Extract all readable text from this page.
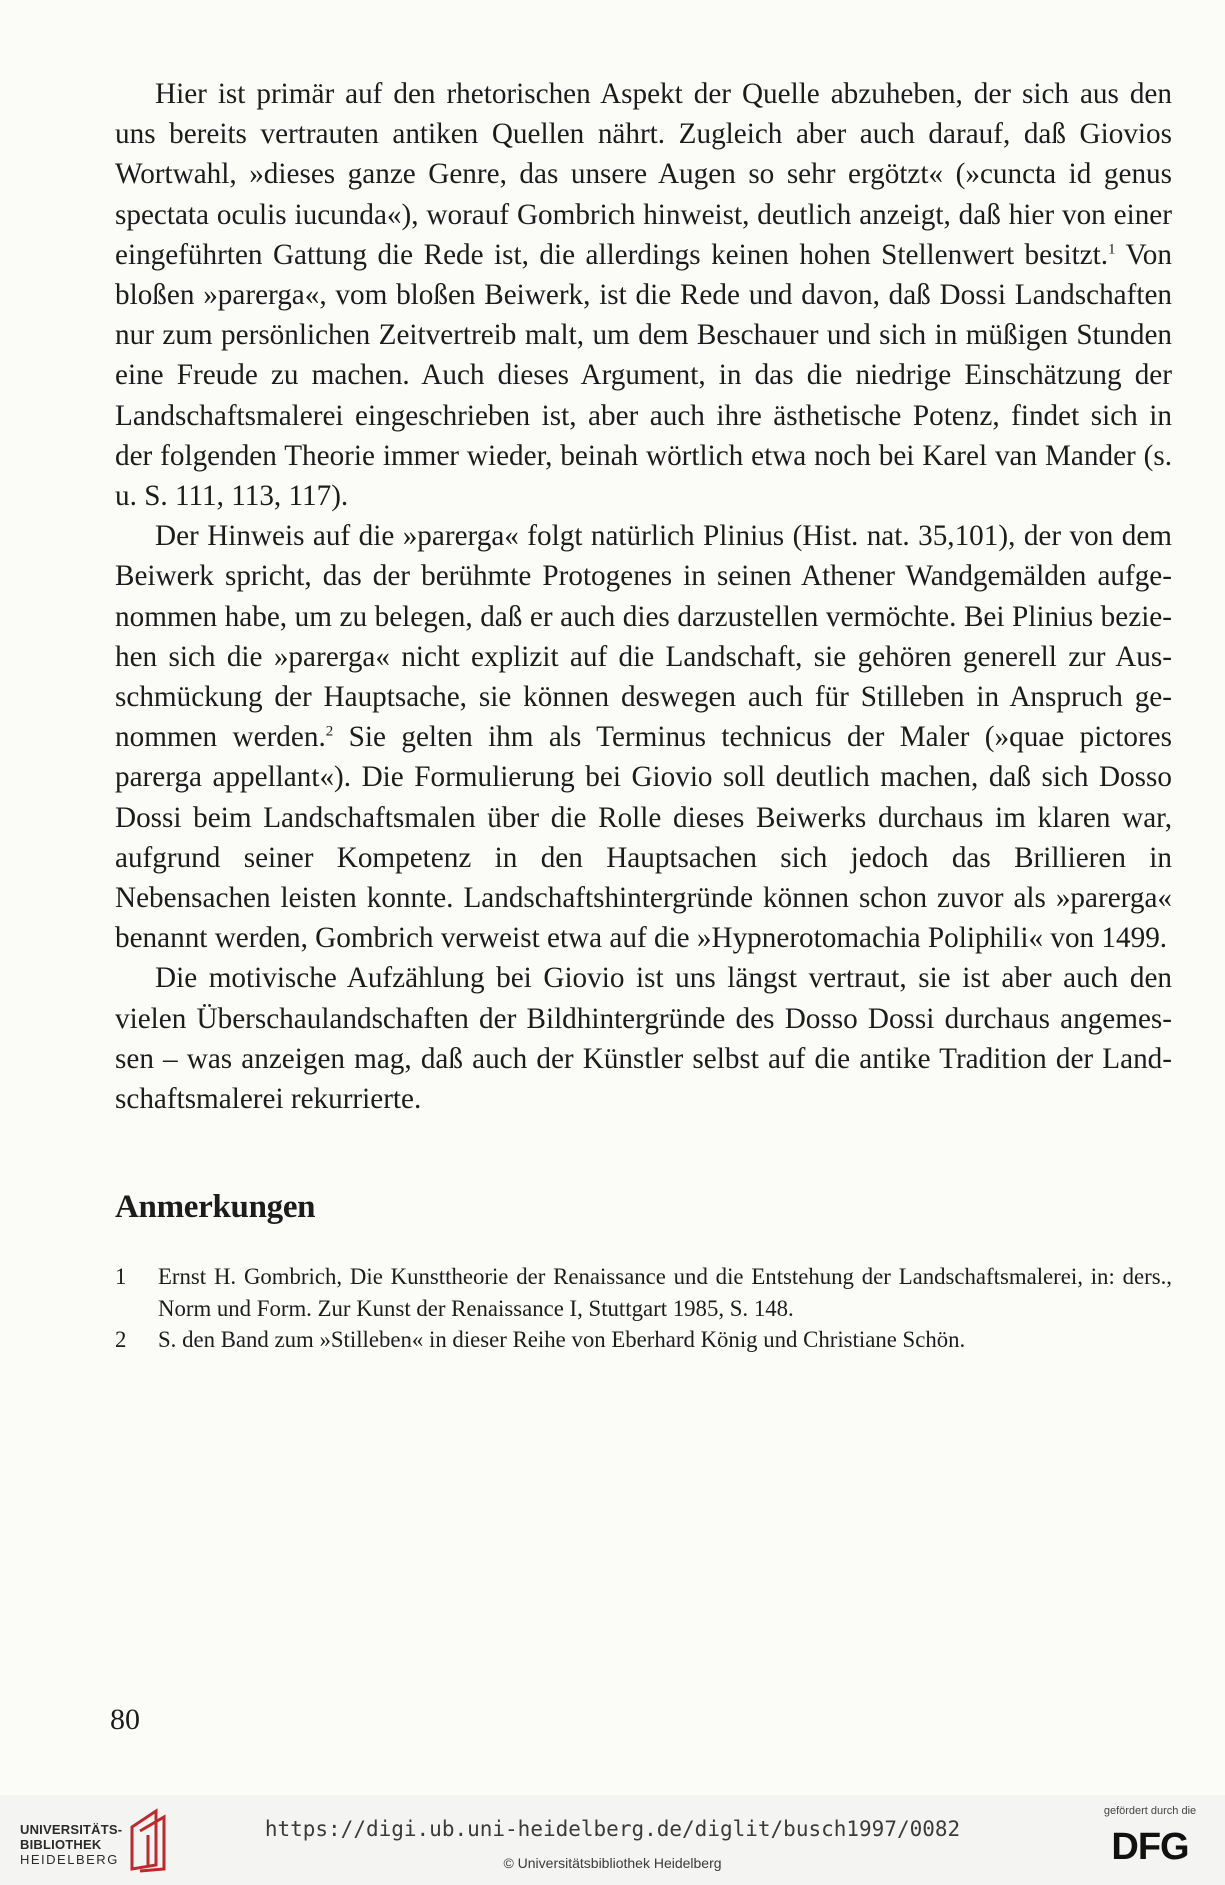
Hier ist primär auf den rhetorischen Aspekt der Quelle abzuheben, der sich aus den uns bereits vertrauten antiken Quellen nährt. Zugleich aber auch darauf, daß Giovios Wortwahl, »dieses ganze Genre, das unsere Augen so sehr ergötzt« (»cuncta id genus spectata oculis iucunda«), worauf Gombrich hinweist, deutlich anzeigt, daß hier von einer eingeführten Gattung die Rede ist, die allerdings keinen hohen Stellenwert besitzt.$^1$ Von bloßen »parerga«, vom bloßen Beiwerk, ist die Rede und davon, daß Dossi Landschaften nur zum persönlichen Zeitvertreib malt, um dem Beschauer und sich in müßigen Stunden eine Freude zu machen. Auch dieses Argument, in das die niedrige Einschätzung der Landschaftsmalerei eingeschrieben ist, aber auch ihre ästhetische Potenz, findet sich in der folgenden Theorie immer wieder, beinah wörtlich etwa noch bei Karel van Mander (s. u. S. 111, 113, 117).

Der Hinweis auf die »parerga« folgt natürlich Plinius (Hist. nat. 35,101), der von dem Beiwerk spricht, das der berühmte Protogenes in seinen Athener Wandgemälden aufgenommen habe, um zu belegen, daß er auch dies darzustellen vermöchte. Bei Plinius beziehen sich die »parerga« nicht explizit auf die Landschaft, sie gehören generell zur Ausschmückung der Hauptsache, sie können deswegen auch für Stilleben in Anspruch genommen werden.$^2$ Sie gelten ihm als Terminus technicus der Maler (»quae pictores parerga appellant«). Die Formulierung bei Giovio soll deutlich machen, daß sich Dosso Dossi beim Landschaftsmalen über die Rolle dieses Beiwerks durchaus im klaren war, aufgrund seiner Kompetenz in den Hauptsachen sich jedoch das Brillieren in Nebensachen leisten konnte. Landschaftshintergründe können schon zuvor als »parerga« benannt werden, Gombrich verweist etwa auf die »Hypnerotomachia Poliphili« von 1499.

Die motivische Aufzählung bei Giovio ist uns längst vertraut, sie ist aber auch den vielen Überschaulandschaften der Bildhintergründe des Dosso Dossi durchaus angemessen – was anzeigen mag, daß auch der Künstler selbst auf die antike Tradition der Landschaftsmalerei rekurrierte.

Anmerkungen
1	Ernst H. Gombrich, Die Kunsttheorie der Renaissance und die Entstehung der Landschaftsmalerei, in: ders., Norm und Form. Zur Kunst der Renaissance I, Stuttgart 1985, S. 148.
2	S. den Band zum »Stilleben« in dieser Reihe von Eberhard König und Christiane Schön.
80
UNIVERSITÄTS-
BIBLIOTHEK
HEIDELBERG
https://digi.ub.uni-heidelberg.de/diglit/busch1997/0082
© Universitätsbibliothek Heidelberg
gefördert durch die
DFG
